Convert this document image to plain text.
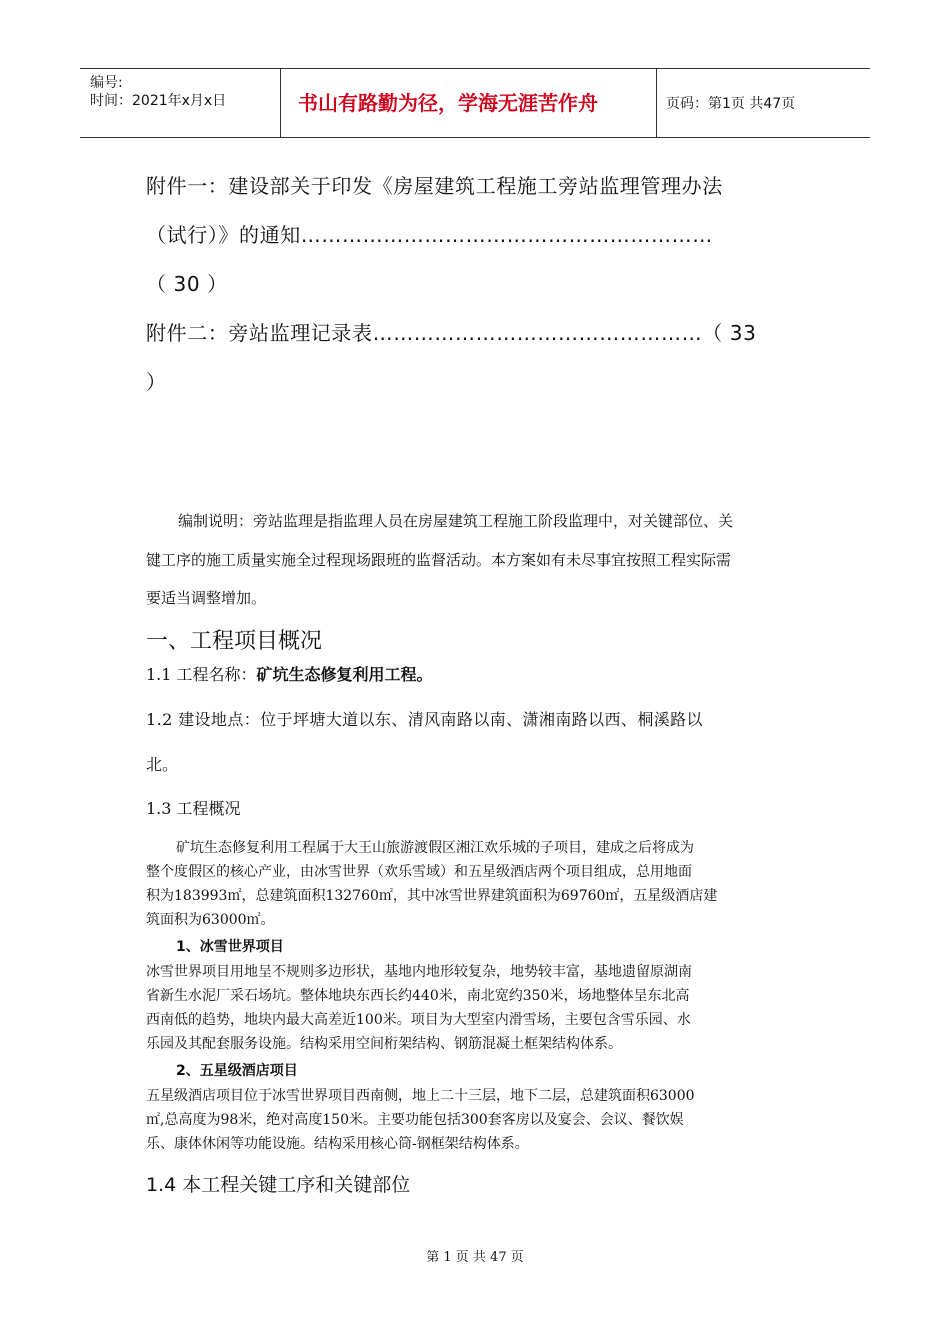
编号:
时间：2021年x月x日	书山有路勤为径，学海无涯苦作舟	页码：第1页 共47页
附件一：建设部关于印发《房屋建筑工程施工旁站监理管理办法
（试行）》的通知……………………………………………………
（ 30 ）
附件二：旁站监理记录表…………………………………………（ 33
）
编制说明：旁站监理是指监理人员在房屋建筑工程施工阶段监理中，对关键部位、关
键工序的施工质量实施全过程现场跟班的监督活动。本方案如有未尽事宜按照工程实际需
要适当调整增加。
一、工程项目概况
1.1 工程名称：矿坑生态修复利用工程。
1.2 建设地点：位于坪塘大道以东、清风南路以南、潇湘南路以西、桐溪路以
北。
1.3 工程概况
矿坑生态修复利用工程属于大王山旅游渡假区湘江欢乐城的子项目，建成之后将成为
整个度假区的核心产业，由冰雪世界（欢乐雪域）和五星级酒店两个项目组成，总用地面
积为183993㎡，总建筑面积132760㎡，其中冰雪世界建筑面积为69760㎡，五星级酒店建
筑面积为63000㎡。
1、冰雪世界项目
冰雪世界项目用地呈不规则多边形状，基地内地形较复杂，地势较丰富，基地遗留原湖南
省新生水泥厂采石场坑。整体地块东西长约440米，南北宽约350米，场地整体呈东北高
西南低的趋势，地块内最大高差近100米。项目为大型室内滑雪场，主要包含雪乐园、水
乐园及其配套服务设施。结构采用空间桁架结构、钢筋混凝土框架结构体系。
2、五星级酒店项目
五星级酒店项目位于冰雪世界项目西南侧，地上二十三层，地下二层，总建筑面积63000
㎡,总高度为98米，绝对高度150米。主要功能包括300套客房以及宴会、会议、餐饮娱
乐、康体休闲等功能设施。结构采用核心筒-钢框架结构体系。
1.4 本工程关键工序和关键部位
第 1 页 共 47 页
